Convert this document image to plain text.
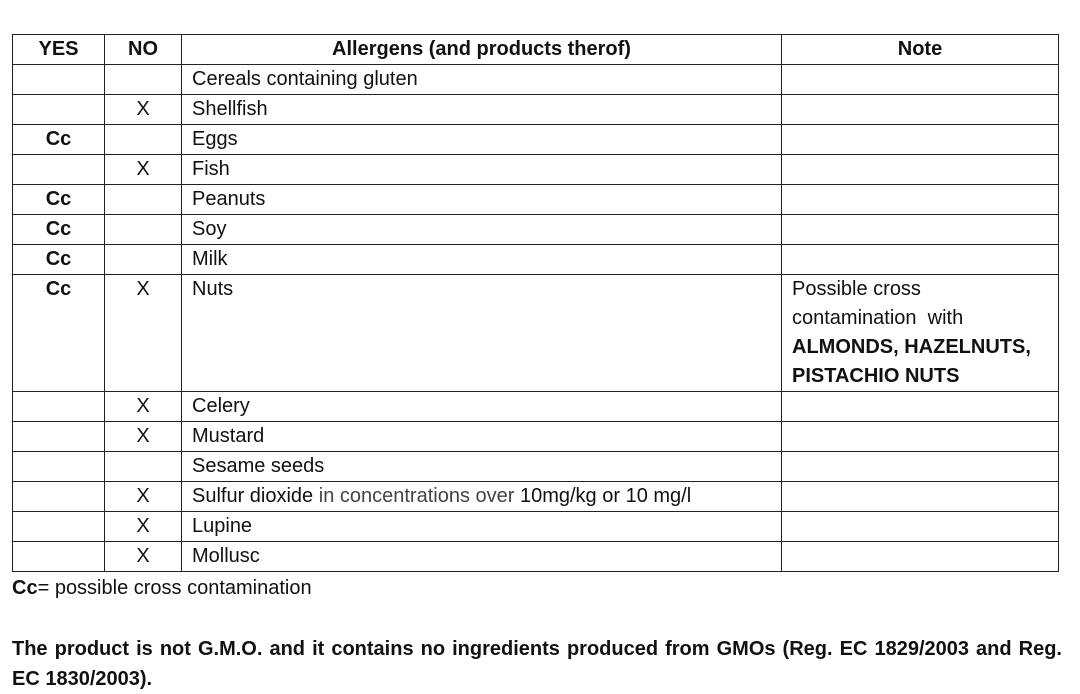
YES	NO	Allergens (and products therof)	Note
		Cereals containing gluten	
	X	Shellfish	
Cc		Eggs	
	X	Fish	
Cc		Peanuts	
Cc		Soy	
Cc		Milk	
Cc	X	Nuts	Possible cross
contamination  with
ALMONDS, HAZELNUTS,
PISTACHIO NUTS

	X	Celery	
	X	Mustard	
		Sesame seeds	
	X	Sulfur dioxide in concentrations over 10mg/kg or 10 mg/l	
	X	Lupine	
	X	Mollusc	
Cc= possible cross contamination
The product is not G.M.O. and it contains no ingredients produced from GMOs (Reg. EC 1829/2003 and Reg. EC 1830/2003).
